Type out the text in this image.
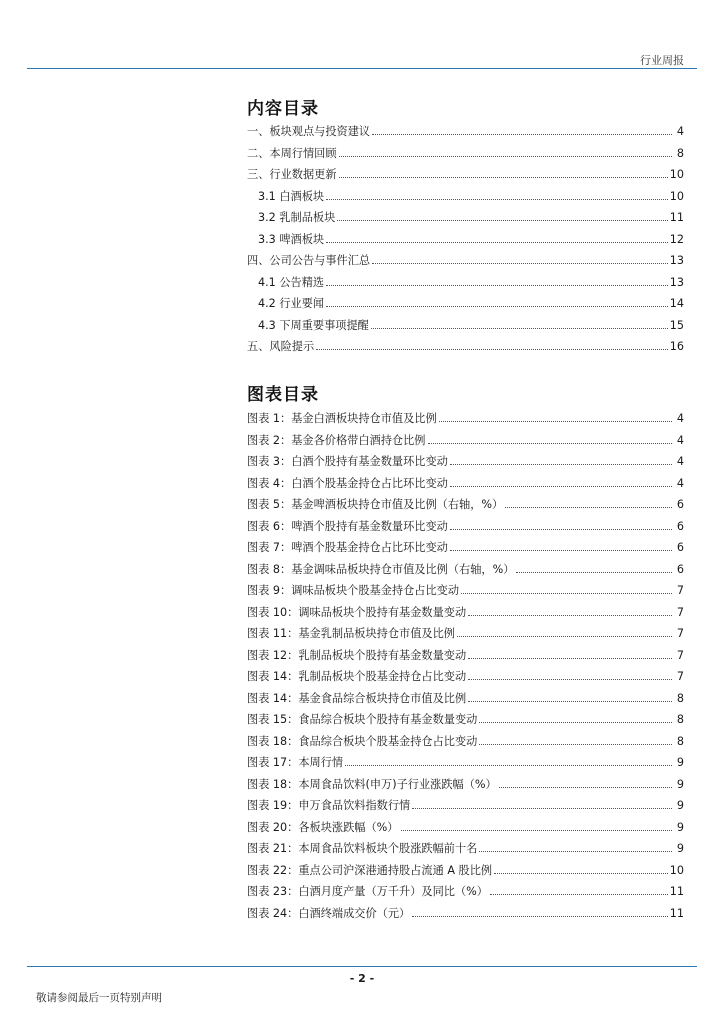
行业周报
内容目录
一、板块观点与投资建议	4
二、本周行情回顾	8
三、行业数据更新	10
3.1 白酒板块	10
3.2 乳制品板块	11
3.3 啤酒板块	12
四、公司公告与事件汇总	13
4.1 公告精选	13
4.2 行业要闻	14
4.3 下周重要事项提醒	15
五、风险提示	16
图表目录
图表 1：基金白酒板块持仓市值及比例	4
图表 2：基金各价格带白酒持仓比例	4
图表 3：白酒个股持有基金数量环比变动	4
图表 4：白酒个股基金持仓占比环比变动	4
图表 5：基金啤酒板块持仓市值及比例（右轴，%）	6
图表 6：啤酒个股持有基金数量环比变动	6
图表 7：啤酒个股基金持仓占比环比变动	6
图表 8：基金调味品板块持仓市值及比例（右轴，%）	6
图表 9：调味品板块个股基金持仓占比变动	7
图表 10：调味品板块个股持有基金数量变动	7
图表 11：基金乳制品板块持仓市值及比例	7
图表 12：乳制品板块个股持有基金数量变动	7
图表 14：乳制品板块个股基金持仓占比变动	7
图表 14：基金食品综合板块持仓市值及比例	8
图表 15：食品综合板块个股持有基金数量变动	8
图表 18：食品综合板块个股基金持仓占比变动	8
图表 17：本周行情	9
图表 18：本周食品饮料(申万)子行业涨跌幅（%）	9
图表 19：申万食品饮料指数行情	9
图表 20：各板块涨跌幅（%）	9
图表 21：本周食品饮料板块个股涨跌幅前十名	9
图表 22：重点公司沪深港通持股占流通 A 股比例	10
图表 23：白酒月度产量（万千升）及同比（%）	11
图表 24：白酒终端成交价（元）	11
- 2 -
敬请参阅最后一页特别声明
